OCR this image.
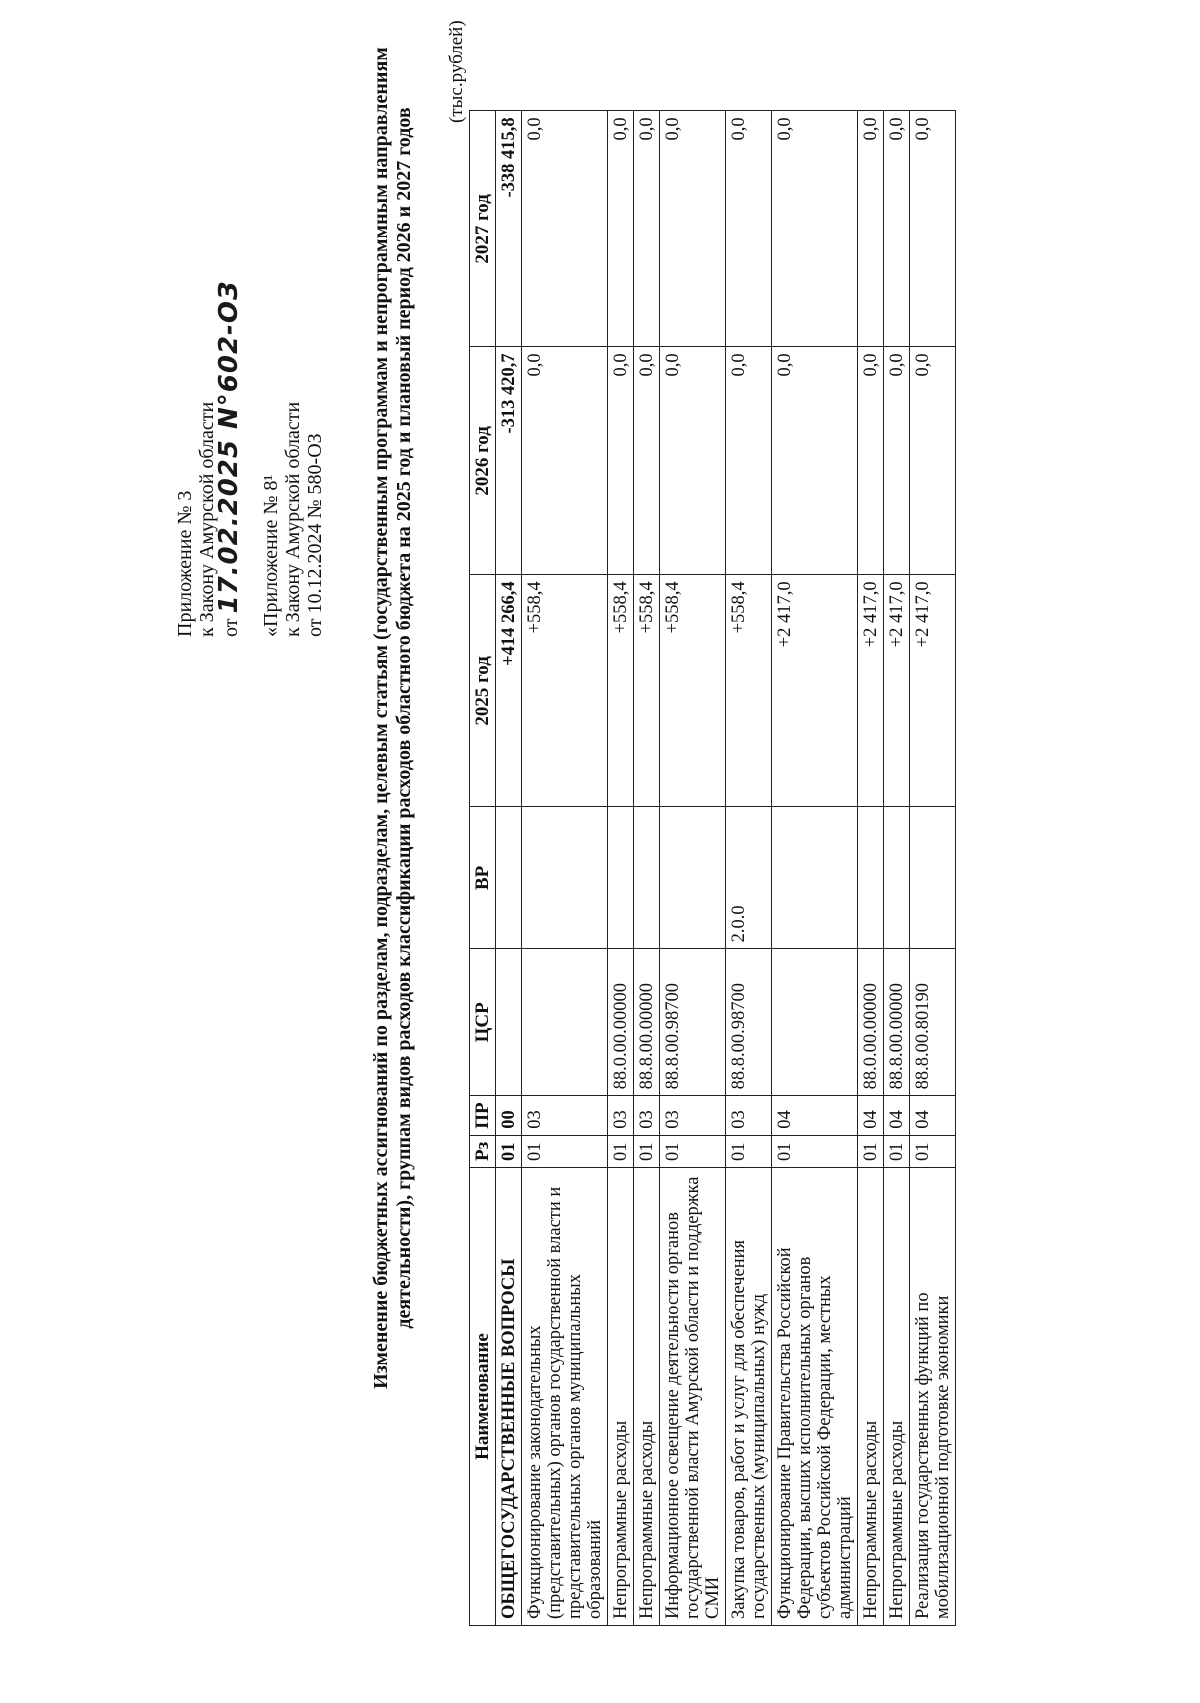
Приложение № 3 к Закону Амурской области от 17.02.2025 N°602-ОЗ «Приложение № 8¹ к Закону Амурской области от 10.12.2024 № 580-ОЗ Изменение бюджетных ассигнований по разделам, подразделам, целевым статьям (государственным программам и непрограммным направлениям деятельности), группам видов расходов классификации расходов областного бюджета на 2025 год и плановый период 2026 и 2027 годов
(тыс.рублей)
Наименование	Рз	ПР	ЦСР	ВР	2025 год	2026 год	2027 год
ОБЩЕГОСУДАРСТВЕННЫЕ ВОПРОСЫ	01	00			+414 266,4	-313 420,7	-338 415,8
Функционирование законодательных (представительных) органов государственной власти и представительных органов муниципальных образований	01	03			+558,4	0,0	0,0
Непрограммные расходы	01	03	88.0.00.00000		+558,4	0,0	0,0
Непрограммные расходы	01	03	88.8.00.00000		+558,4	0,0	0,0
Информационное освещение деятельности органов государственной власти Амурской области и поддержка СМИ	01	03	88.8.00.98700		+558,4	0,0	0,0
Закупка товаров, работ и услуг для обеспечения государственных (муниципальных) нужд	01	03	88.8.00.98700	2.0.0	+558,4	0,0	0,0
Функционирование Правительства Российской Федерации, высших исполнительных органов субъектов Российской Федерации, местных администраций	01	04			+2 417,0	0,0	0,0
Непрограммные расходы	01	04	88.0.00.00000		+2 417,0	0,0	0,0
Непрограммные расходы	01	04	88.8.00.00000		+2 417,0	0,0	0,0
Реализация государственных функций по мобилизационной подготовке экономики	01	04	88.8.00.80190		+2 417,0	0,0	0,0
